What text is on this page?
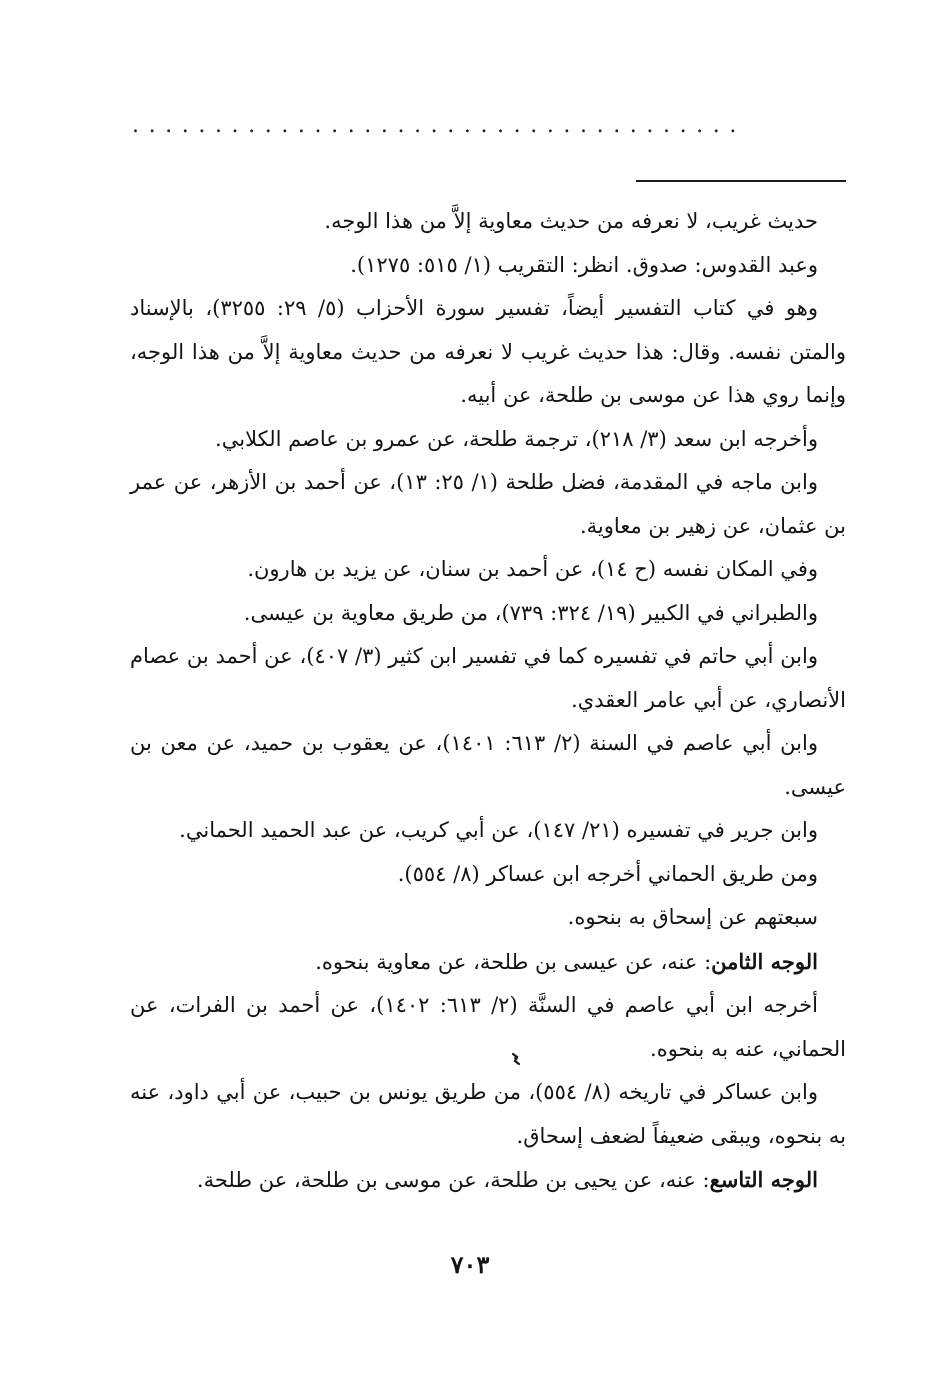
.....................................

حديث غريب، لا نعرفه من حديث معاوية إلاَّ من هذا الوجه.

وعبد القدوس: صدوق. انظر: التقريب (١/ ٥١٥: ١٢٧٥).

وهو في كتاب التفسير أيضاً، تفسير سورة الأحزاب (٥/ ٢٩: ٣٢٥٥)، بالإسناد والمتن نفسه. وقال: هذا حديث غريب لا نعرفه من حديث معاوية إلاَّ من هذا الوجه، وإنما روي هذا عن موسى بن طلحة، عن أبيه.

وأخرجه ابن سعد (٣/ ٢١٨)، ترجمة طلحة، عن عمرو بن عاصم الكلابي.

وابن ماجه في المقدمة، فضل طلحة (١/ ٢٥: ١٣)، عن أحمد بن الأزهر، عن عمر بن عثمان، عن زهير بن معاوية.

وفي المكان نفسه (ح ١٤)، عن أحمد بن سنان، عن يزيد بن هارون.

والطبراني في الكبير (١٩/ ٣٢٤: ٧٣٩)، من طريق معاوية بن عيسى.

وابن أبي حاتم في تفسيره كما في تفسير ابن كثير (٣/ ٤٠٧)، عن أحمد بن عصام الأنصاري، عن أبي عامر العقدي.

وابن أبي عاصم في السنة (٢/ ٦١٣: ١٤٠١)، عن يعقوب بن حميد، عن معن بن عيسى.

وابن جرير في تفسيره (٢١/ ١٤٧)، عن أبي كريب، عن عبد الحميد الحماني.

ومن طريق الحماني أخرجه ابن عساكر (٨/ ٥٥٤).

سبعتهم عن إسحاق به بنحوه.

الوجه الثامن: عنه، عن عيسى بن طلحة، عن معاوية بنحوه.

أخرجه ابن أبي عاصم في السنَّة (٢/ ٦١٣: ١٤٠٢)، عن أحمد بن الفرات، عن الحماني، عنه به بنحوه.

وابن عساكر في تاريخه (٨/ ٥٥٤)، من طريق يونس بن حبيب، عن أبي داود، عنه به بنحوه، ويبقى ضعيفاً لضعف إسحاق.

الوجه التاسع: عنه، عن يحيى بن طلحة، عن موسى بن طلحة، عن طلحة.

٧٠٣
